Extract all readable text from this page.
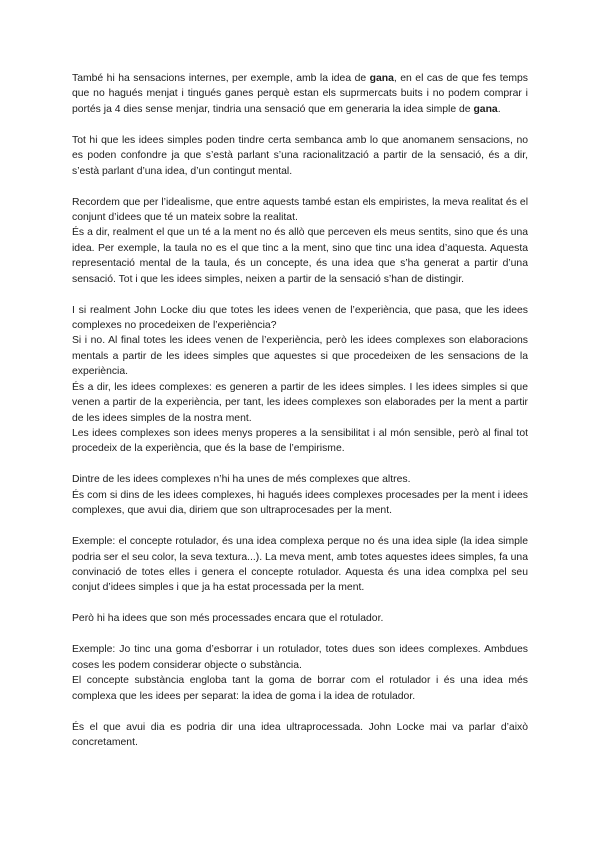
També hi ha sensacions internes, per exemple, amb la idea de gana, en el cas de que fes temps que no hagués menjat i tingués ganes perquè estan els suprmercats buits i no podem comprar i portés ja 4 dies sense menjar, tindria una sensació que em generaria la idea simple de gana.

Tot hi que les idees simples poden tindre certa sembanca amb lo que anomanem sensacions, no es poden confondre ja que s’està parlant s’una racionalització a partir de la sensació, és a dir, s’està parlant d’una idea, d’un contingut mental.

Recordem que per l’idealisme, que entre aquests també estan els empiristes, la meva realitat és el conjunt d’idees que té un mateix sobre la realitat.

És a dir, realment el que un té a la ment no és allò que perceven els meus sentits, sino que és una idea. Per exemple, la taula no es el que tinc a la ment, sino que tinc una idea d’aquesta. Aquesta representació mental de la taula, és un concepte, és una idea que s’ha generat a partir d’una sensació. Tot i que les idees simples, neixen a partir de la sensació s’han de distingir.

I si realment John Locke diu que totes les idees venen de l’experiència, que pasa, que les idees complexes no procedeixen de l’experiència?

Si i no. Al final totes les idees venen de l’experiència, però les idees complexes son elaboracions mentals a partir de les idees simples que aquestes si que procedeixen de les sensacions de la experiència.

És a dir, les idees complexes: es generen a partir de les idees simples. I les idees simples si que venen a partir de la experiència, per tant, les idees complexes son elaborades per la ment a partir de les idees simples de la nostra ment.

Les idees complexes son idees menys properes a la sensibilitat i al món sensible, però al final tot procedeix de la experiència, que és la base de l’empirisme.

Dintre de les idees complexes n’hi ha unes de més complexes que altres.

És com si dins de les idees complexes, hi hagués idees complexes procesades per la ment i idees complexes, que avui dia, diriem que son ultraprocesades per la ment.

Exemple: el concepte rotulador, és una idea complexa perque no és una idea siple (la idea simple podria ser el seu color, la seva textura...). La meva ment, amb totes aquestes idees simples, fa una convinació de totes elles i genera el concepte rotulador. Aquesta és una idea complxa pel seu conjut d’idees simples i que ja ha estat processada per la ment.

Però hi ha idees que son més processades encara que el rotulador.

Exemple: Jo tinc una goma d’esborrar i un rotulador, totes dues son idees complexes. Ambdues coses les podem considerar objecte o substància.

El concepte substància engloba tant la goma de borrar com el rotulador i és una idea més complexa que les idees per separat: la idea de goma i la idea de rotulador.

És el que avui dia es podria dir una idea ultraprocessada. John Locke mai va parlar d’això concretament.
